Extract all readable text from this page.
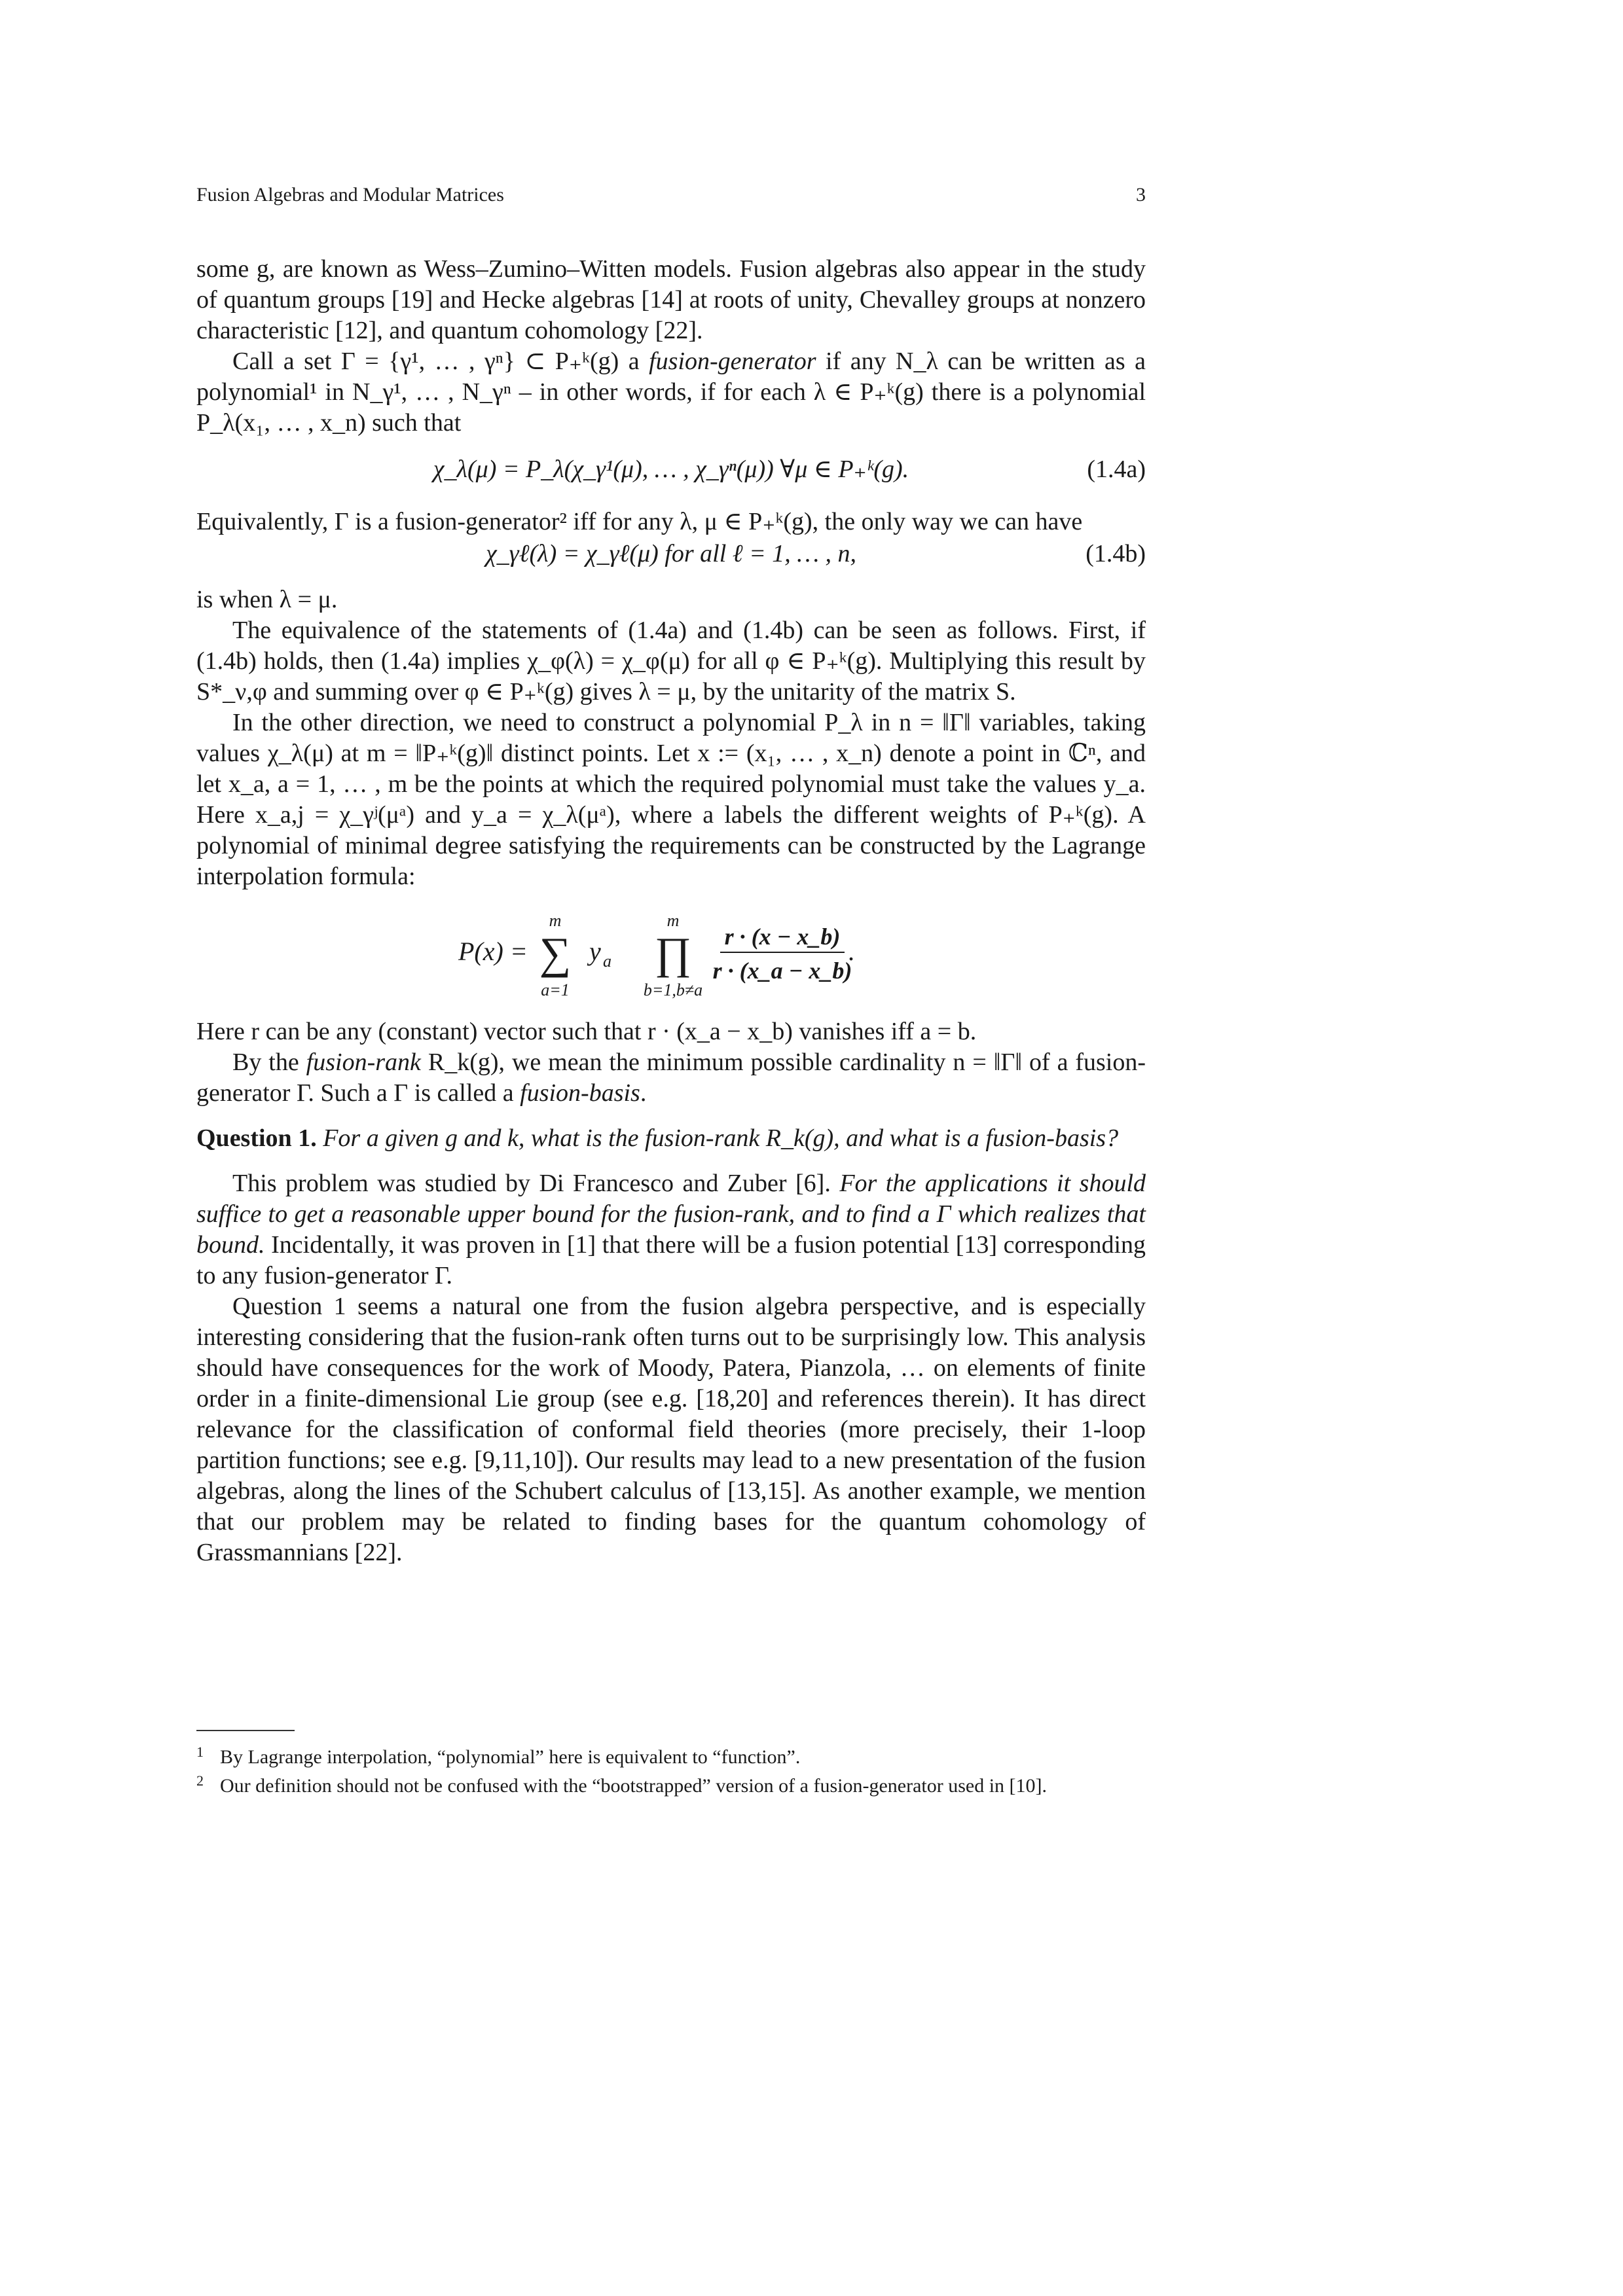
Fusion Algebras and Modular Matrices	3

some g, are known as Wess–Zumino–Witten models. Fusion algebras also appear in the study of quantum groups [19] and Hecke algebras [14] at roots of unity, Chevalley groups at nonzero characteristic [12], and quantum cohomology [22].

Call a set Γ = {γ¹, … , γⁿ} ⊂ P₊ᵏ(g) a fusion-generator if any N_λ can be written as a polynomial¹ in N_γ¹, … , N_γⁿ – in other words, if for each λ ∈ P₊ᵏ(g) there is a polynomial P_λ(x₁, … , x_n) such that

χ_λ(μ) = P_λ(χ_γ¹(μ), … , χ_γⁿ(μ)) ∀μ ∈ P₊ᵏ(g).	(1.4a)

Equivalently, Γ is a fusion-generator² iff for any λ, μ ∈ P₊ᵏ(g), the only way we can have

χ_γℓ(λ) = χ_γℓ(μ) for all ℓ = 1, … , n,	(1.4b)

is when λ = μ.

The equivalence of the statements of (1.4a) and (1.4b) can be seen as follows. First, if (1.4b) holds, then (1.4a) implies χ_φ(λ) = χ_φ(μ) for all φ ∈ P₊ᵏ(g). Multiplying this result by S*_ν,φ and summing over φ ∈ P₊ᵏ(g) gives λ = μ, by the unitarity of the matrix S.

In the other direction, we need to construct a polynomial P_λ in n = ‖Γ‖ variables, taking values χ_λ(μ) at m = ‖P₊ᵏ(g)‖ distinct points. Let x := (x₁, … , x_n) denote a point in ℂⁿ, and let x_a, a = 1, … , m be the points at which the required polynomial must take the values y_a. Here x_a,j = χ_γʲ(μᵃ) and y_a = χ_λ(μᵃ), where a labels the different weights of P₊ᵏ(g). A polynomial of minimal degree satisfying the requirements can be constructed by the Lagrange interpolation formula:

P(x) =
m
∑
a=1
y a
m
∏
b=1,b≠a
r · (x − x_b)
r · (x_a − x_b)
.

Here r can be any (constant) vector such that r · (x_a − x_b) vanishes iff a = b.

By the fusion-rank R_k(g), we mean the minimum possible cardinality n = ‖Γ‖ of a fusion-generator Γ. Such a Γ is called a fusion-basis.

Question 1. For a given g and k, what is the fusion-rank R_k(g), and what is a fusion-basis?

This problem was studied by Di Francesco and Zuber [6]. For the applications it should suffice to get a reasonable upper bound for the fusion-rank, and to find a Γ which realizes that bound. Incidentally, it was proven in [1] that there will be a fusion potential [13] corresponding to any fusion-generator Γ.

Question 1 seems a natural one from the fusion algebra perspective, and is especially interesting considering that the fusion-rank often turns out to be surprisingly low. This analysis should have consequences for the work of Moody, Patera, Pianzola, … on elements of finite order in a finite-dimensional Lie group (see e.g. [18,20] and references therein). It has direct relevance for the classification of conformal field theories (more precisely, their 1-loop partition functions; see e.g. [9,11,10]). Our results may lead to a new presentation of the fusion algebras, along the lines of the Schubert calculus of [13,15]. As another example, we mention that our problem may be related to finding bases for the quantum cohomology of Grassmannians [22].

1 By Lagrange interpolation, “polynomial” here is equivalent to “function”.
2 Our definition should not be confused with the “bootstrapped” version of a fusion-generator used in [10].
